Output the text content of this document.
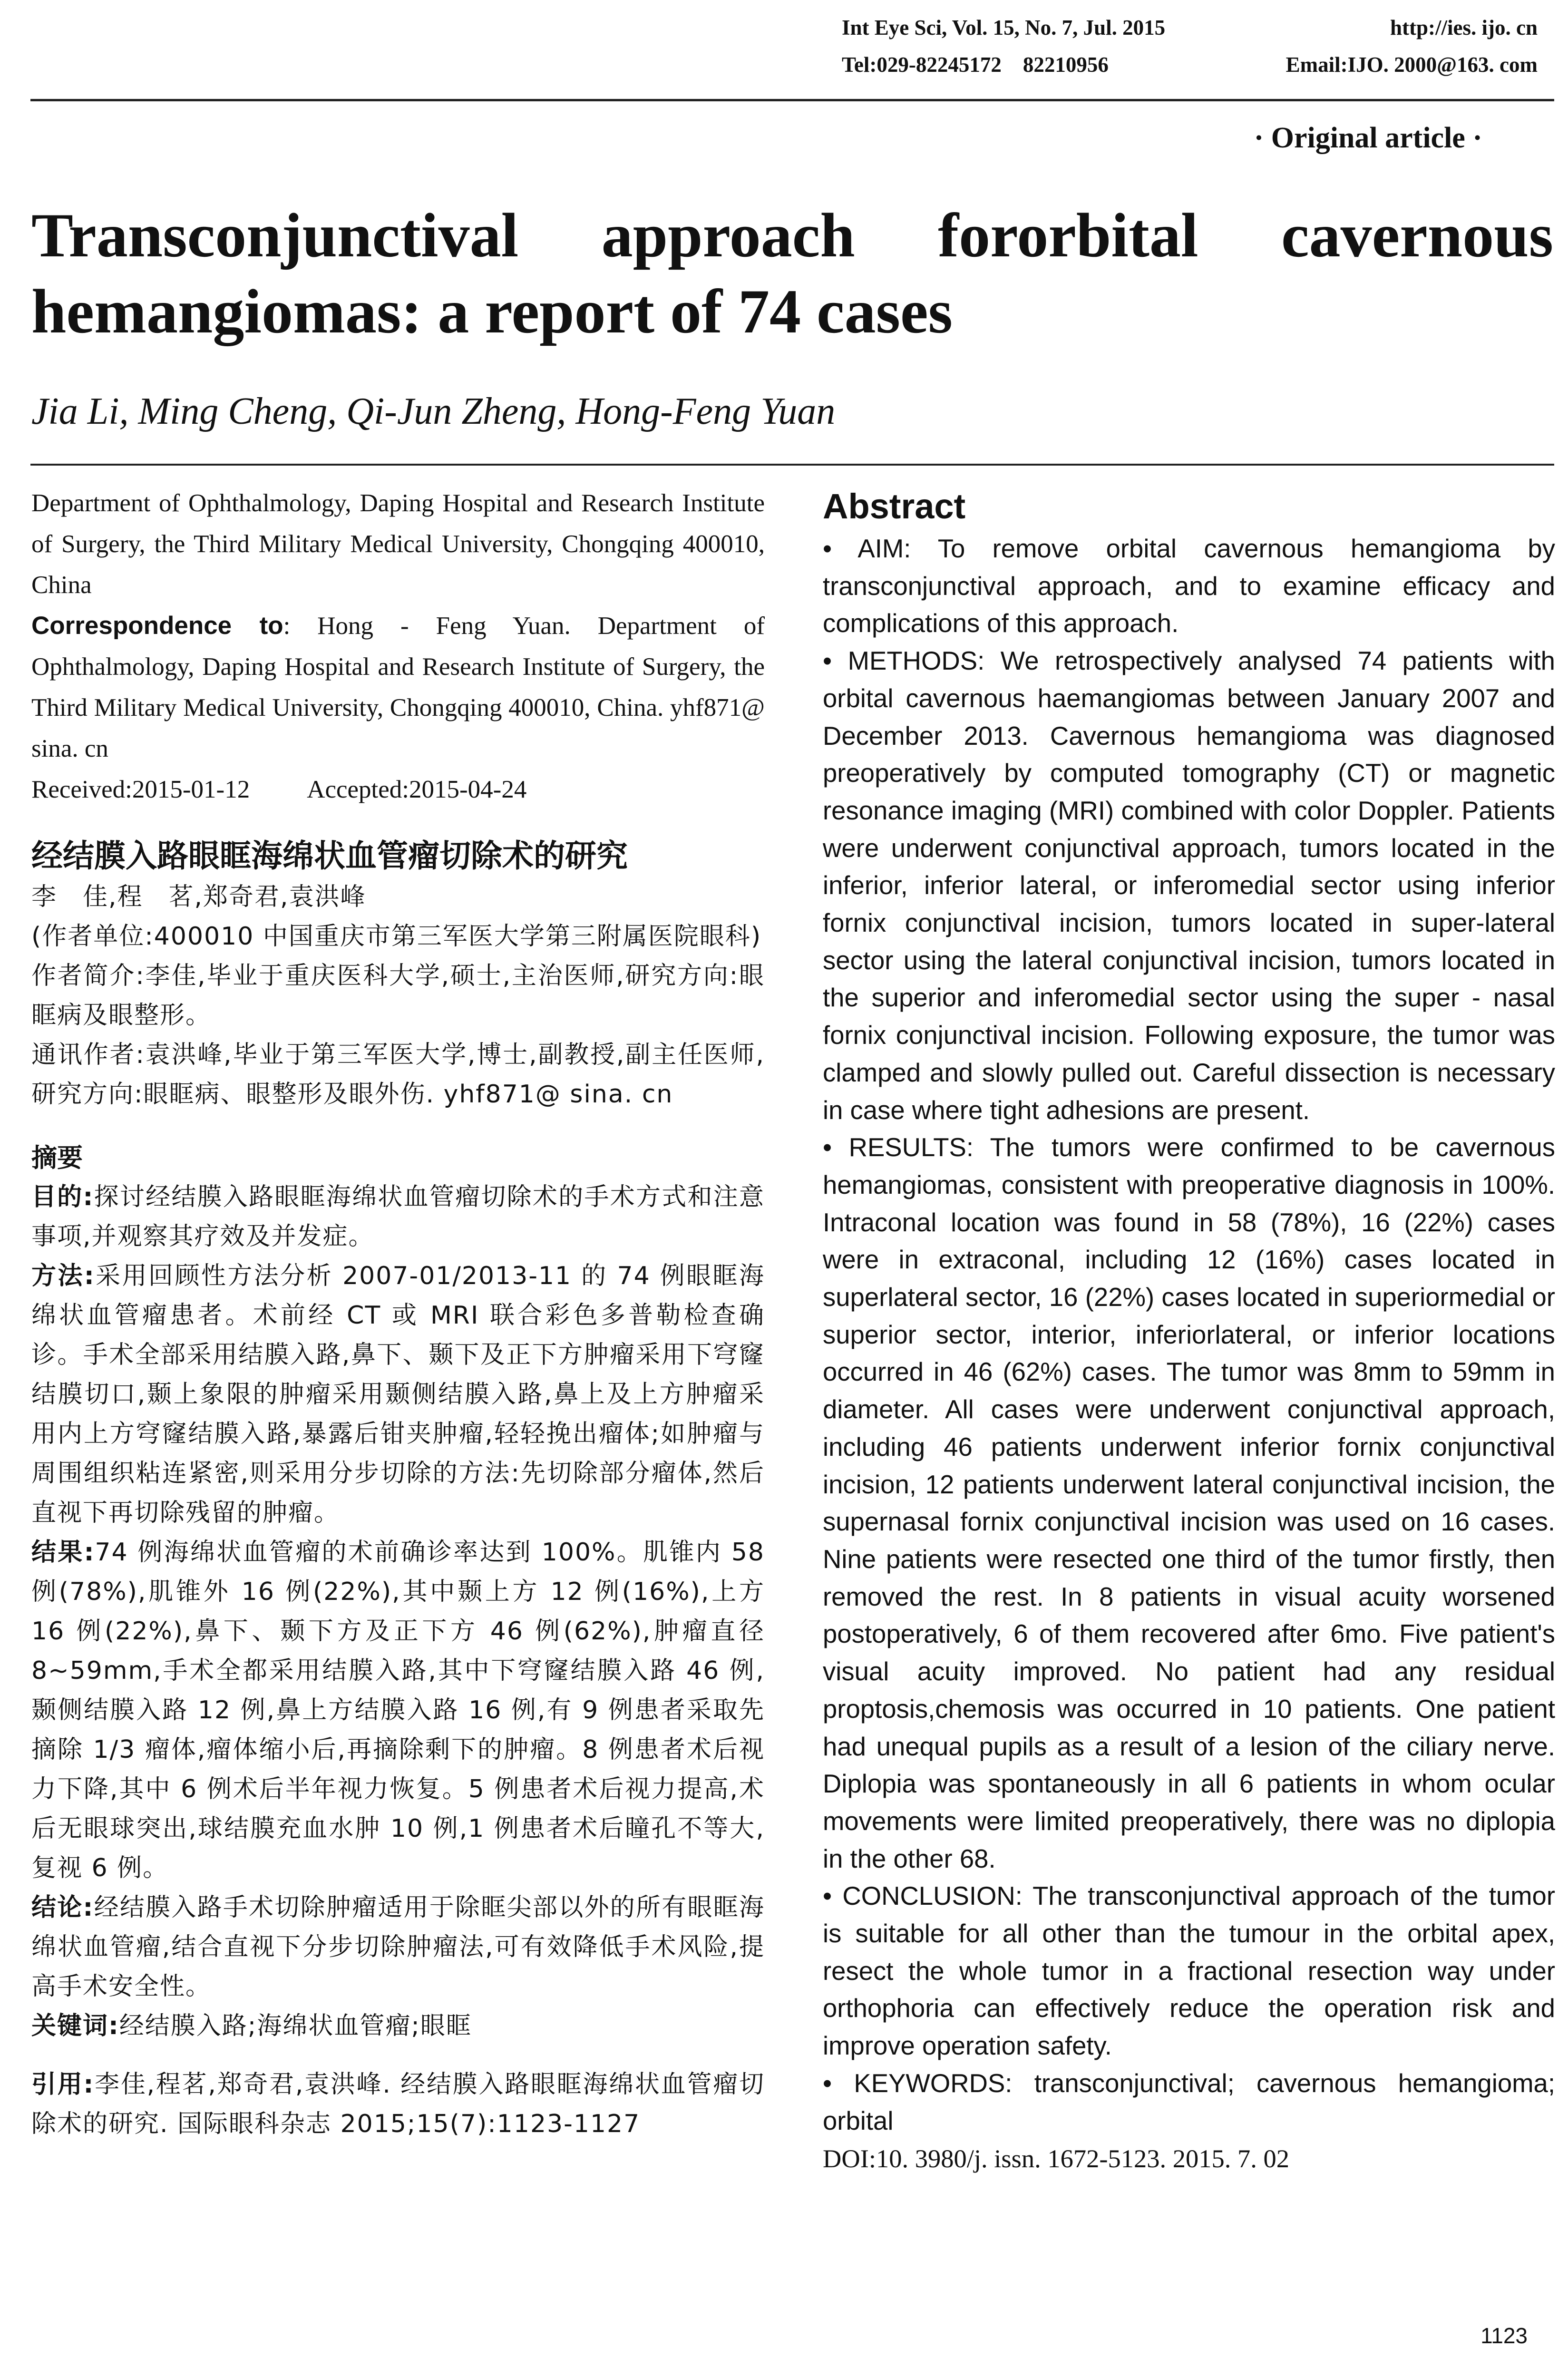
Int Eye Sci, Vol. 15, No. 7, Jul. 2015	http://ies. ijo. cn
Tel:029-82245172    82210956	Email:IJO. 2000@163. com
· Original article ·
Transconjunctival approach fororbital cavernous
hemangiomas: a report of 74 cases
Jia Li, Ming Cheng, Qi-Jun Zheng, Hong-Feng Yuan

Department of Ophthalmology, Daping Hospital and Research Institute of Surgery, the Third Military Medical University, Chongqing 400010, China

Correspondence to: Hong - Feng Yuan. Department of Ophthalmology, Daping Hospital and Research Institute of Surgery, the Third Military Medical University, Chongqing 400010, China. yhf871@ sina. cn

Received:2015-01-12 Accepted:2015-04-24
经结膜入路眼眶海绵状血管瘤切除术的研究

李　佳,程　茗,郑奇君,袁洪峰

(作者单位:400010 中国重庆市第三军医大学第三附属医院眼科)

作者简介:李佳,毕业于重庆医科大学,硕士,主治医师,研究方向:眼眶病及眼整形。

通讯作者:袁洪峰,毕业于第三军医大学,博士,副教授,副主任医师,研究方向:眼眶病、眼整形及眼外伤. yhf871@ sina. cn

摘要

目的:探讨经结膜入路眼眶海绵状血管瘤切除术的手术方式和注意事项,并观察其疗效及并发症。

方法:采用回顾性方法分析 2007-01/2013-11 的 74 例眼眶海绵状血管瘤患者。术前经 CT 或 MRI 联合彩色多普勒检查确诊。手术全部采用结膜入路,鼻下、颞下及正下方肿瘤采用下穹窿结膜切口,颞上象限的肿瘤采用颞侧结膜入路,鼻上及上方肿瘤采用内上方穹窿结膜入路,暴露后钳夹肿瘤,轻轻挽出瘤体;如肿瘤与周围组织粘连紧密,则采用分步切除的方法:先切除部分瘤体,然后直视下再切除残留的肿瘤。

结果:74 例海绵状血管瘤的术前确诊率达到 100%。肌锥内 58 例(78%),肌锥外 16 例(22%),其中颞上方 12 例(16%),上方 16 例(22%),鼻下、颞下方及正下方 46 例(62%),肿瘤直径 8~59mm,手术全都采用结膜入路,其中下穹窿结膜入路 46 例,颞侧结膜入路 12 例,鼻上方结膜入路 16 例,有 9 例患者采取先摘除 1/3 瘤体,瘤体缩小后,再摘除剩下的肿瘤。8 例患者术后视力下降,其中 6 例术后半年视力恢复。5 例患者术后视力提高,术后无眼球突出,球结膜充血水肿 10 例,1 例患者术后瞳孔不等大,复视 6 例。

结论:经结膜入路手术切除肿瘤适用于除眶尖部以外的所有眼眶海绵状血管瘤,结合直视下分步切除肿瘤法,可有效降低手术风险,提高手术安全性。

关键词:经结膜入路;海绵状血管瘤;眼眶

引用:李佳,程茗,郑奇君,袁洪峰. 经结膜入路眼眶海绵状血管瘤切除术的研究. 国际眼科杂志 2015;15(7):1123-1127

Abstract

• AIM: To remove orbital cavernous hemangioma by transconjunctival approach, and to examine efficacy and complications of this approach.

• METHODS: We retrospectively analysed 74 patients with orbital cavernous haemangiomas between January 2007 and December 2013. Cavernous hemangioma was diagnosed preoperatively by computed tomography (CT) or magnetic resonance imaging (MRI) combined with color Doppler. Patients were underwent conjunctival approach, tumors located in the inferior, inferior lateral, or inferomedial sector using inferior fornix conjunctival incision, tumors located in super-lateral sector using the lateral conjunctival incision, tumors located in the superior and inferomedial sector using the super - nasal fornix conjunctival incision. Following exposure, the tumor was clamped and slowly pulled out. Careful dissection is necessary in case where tight adhesions are present.

• RESULTS: The tumors were confirmed to be cavernous hemangiomas, consistent with preoperative diagnosis in 100%. Intraconal location was found in 58 (78%), 16 (22%) cases were in extraconal, including 12 (16%) cases located in superlateral sector, 16 (22%) cases located in superiormedial or superior sector, interior, inferiorlateral, or inferior locations occurred in 46 (62%) cases. The tumor was 8mm to 59mm in diameter. All cases were underwent conjunctival approach, including 46 patients underwent inferior fornix conjunctival incision, 12 patients underwent lateral conjunctival incision, the supernasal fornix conjunctival incision was used on 16 cases. Nine patients were resected one third of the tumor firstly, then removed the rest. In 8 patients in visual acuity worsened postoperatively, 6 of them recovered after 6mo. Five patient's visual acuity improved. No patient had any residual proptosis,chemosis was occurred in 10 patients. One patient had unequal pupils as a result of a lesion of the ciliary nerve. Diplopia was spontaneously in all 6 patients in whom ocular movements were limited preoperatively, there was no diplopia in the other 68.

• CONCLUSION: The transconjunctival approach of the tumor is suitable for all other than the tumour in the orbital apex, resect the whole tumor in a fractional resection way under orthophoria can effectively reduce the operation risk and improve operation safety.

• KEYWORDS: transconjunctival; cavernous hemangioma; orbital

DOI:10. 3980/j. issn. 1672-5123. 2015. 7. 02
1123
